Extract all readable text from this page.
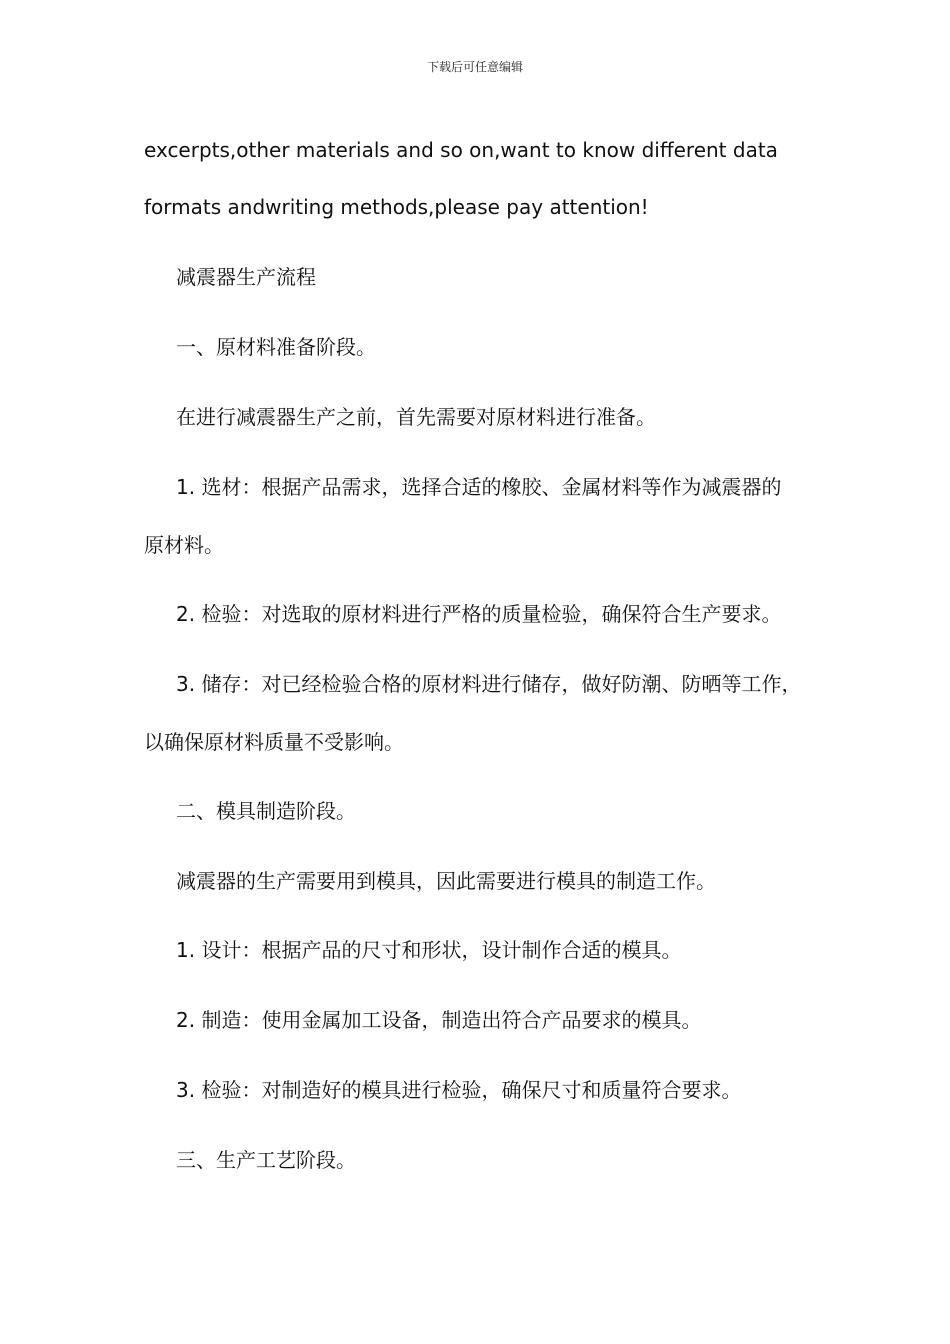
下载后可任意编辑
excerpts,other materials and so on,want to know different data
formats andwriting methods,please pay attention!
减震器生产流程
一、原材料准备阶段。
在进行减震器生产之前，首先需要对原材料进行准备。
1. 选材：根据产品需求，选择合适的橡胶、金属材料等作为减震器的
原材料。
2. 检验：对选取的原材料进行严格的质量检验，确保符合生产要求。
3. 储存：对已经检验合格的原材料进行储存，做好防潮、防晒等工作，
以确保原材料质量不受影响。
二、模具制造阶段。
减震器的生产需要用到模具，因此需要进行模具的制造工作。
1. 设计：根据产品的尺寸和形状，设计制作合适的模具。
2. 制造：使用金属加工设备，制造出符合产品要求的模具。
3. 检验：对制造好的模具进行检验，确保尺寸和质量符合要求。
三、生产工艺阶段。
